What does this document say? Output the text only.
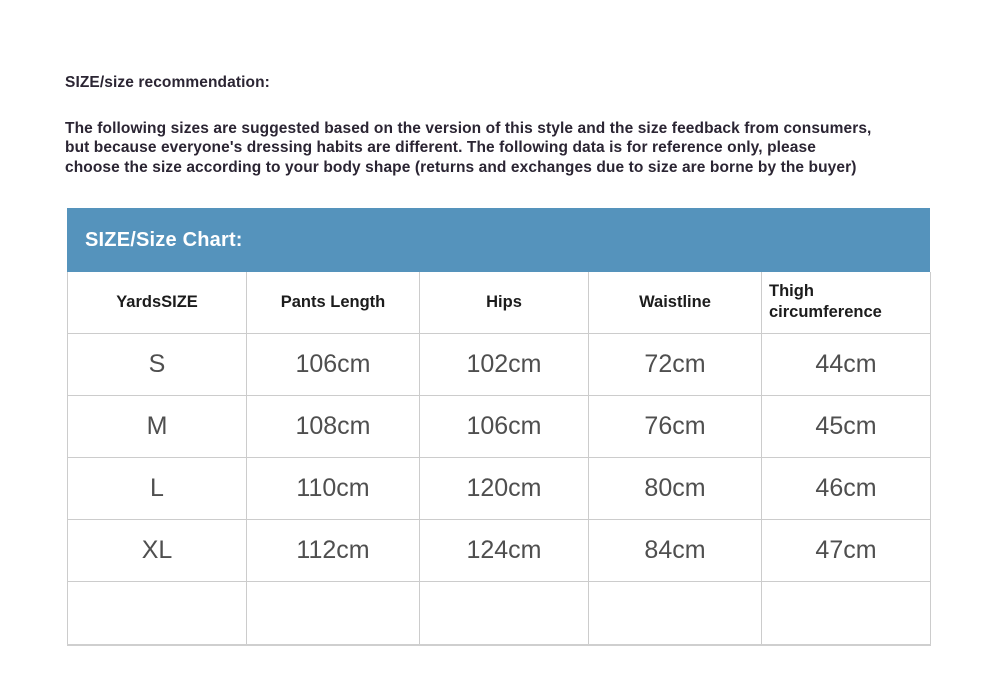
SIZE/size recommendation:
The following sizes are suggested based on the version of this style and the size feedback from consumers,
but because everyone's dressing habits are different. The following data is for reference only, please
choose the size according to your body shape (returns and exchanges due to size are borne by the buyer)
SIZE/Size Chart:
YardsSIZE	Pants Length	Hips	Waistline	Thigh circumference
S	106cm	102cm	72cm	44cm
M	108cm	106cm	76cm	45cm
L	110cm	120cm	80cm	46cm
XL	112cm	124cm	84cm	47cm
